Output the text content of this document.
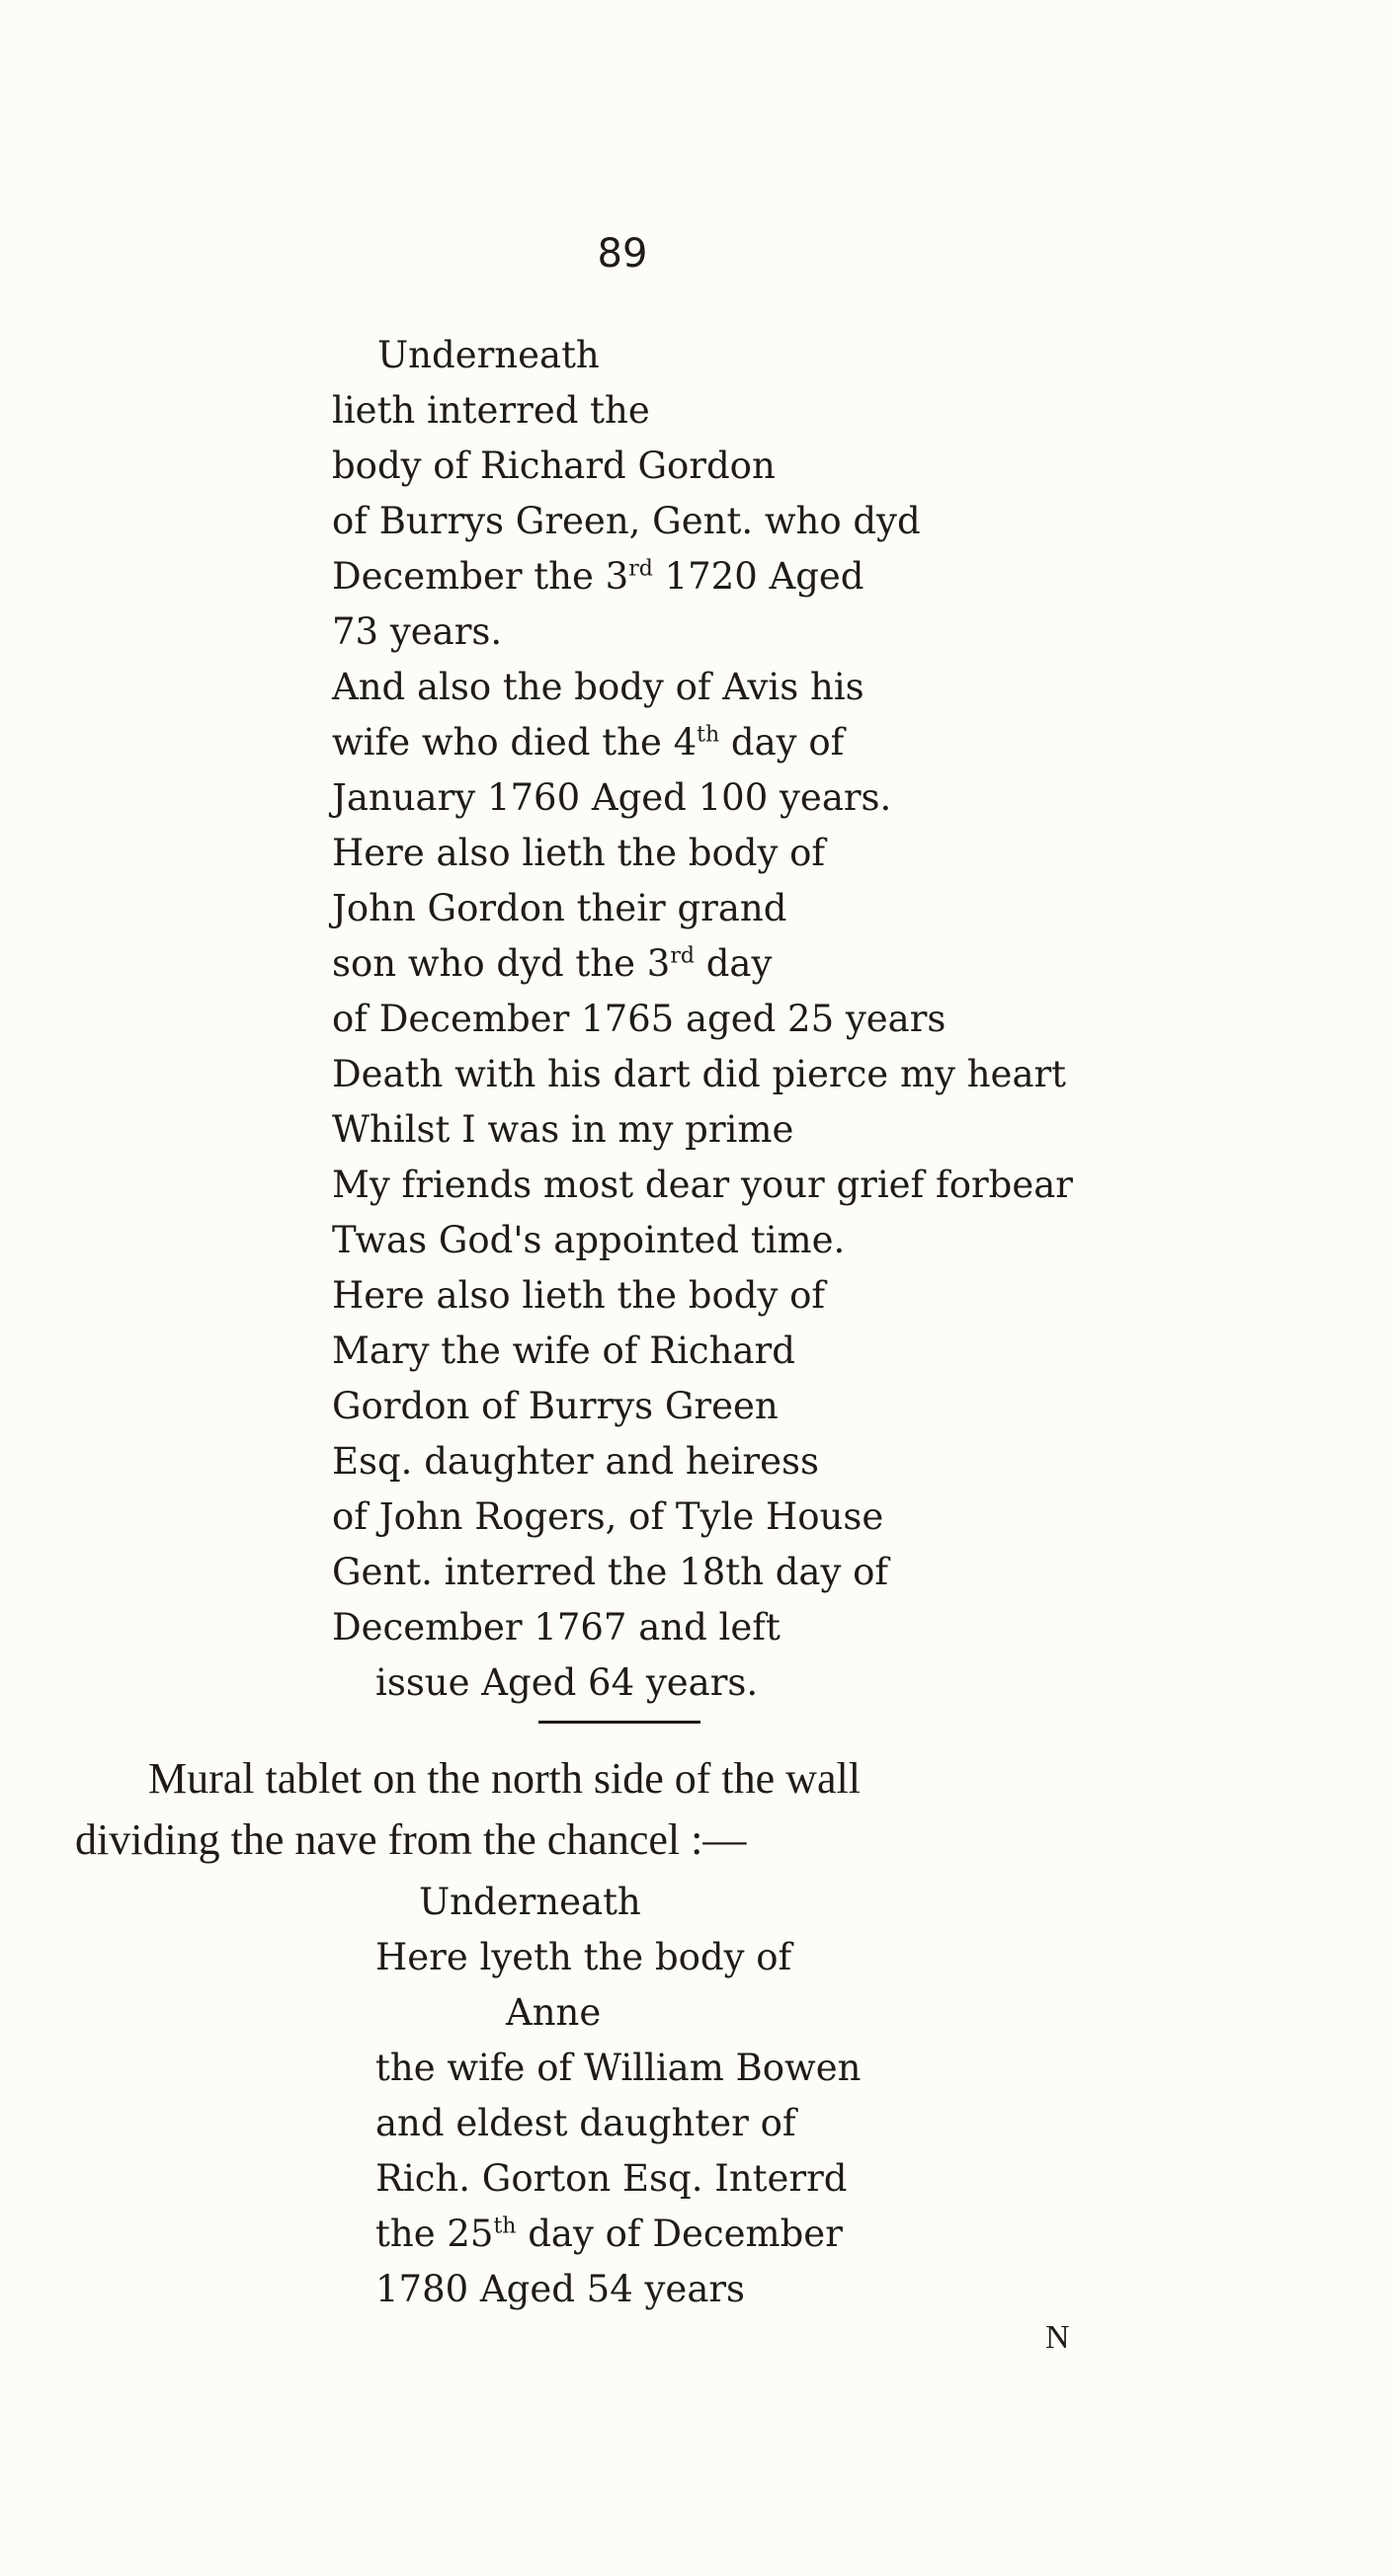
89
Underneath
lieth interred the
body of Richard Gordon
of Burrys Green, Gent. who dyd
December the 3rd 1720 Aged
73 years.
And also the body of Avis his
wife who died the 4th day of
January 1760 Aged 100 years.
Here also lieth the body of
John Gordon their grand
son who dyd the 3rd day
of December 1765 aged 25 years
Death with his dart did pierce my heart
Whilst I was in my prime
My friends most dear your grief forbear
Twas God's appointed time.
Here also lieth the body of
Mary the wife of Richard
Gordon of Burrys Green
Esq. daughter and heiress
of John Rogers, of Tyle House
Gent. interred the 18th day of
December 1767 and left
issue Aged 64 years.
Mural tablet on the north side of the wall
dividing the nave from the chancel :—
Underneath
Here lyeth the body of
Anne
the wife of William Bowen
and eldest daughter of
Rich. Gorton Esq. Interrd
the 25th day of December
1780 Aged 54 years
N
